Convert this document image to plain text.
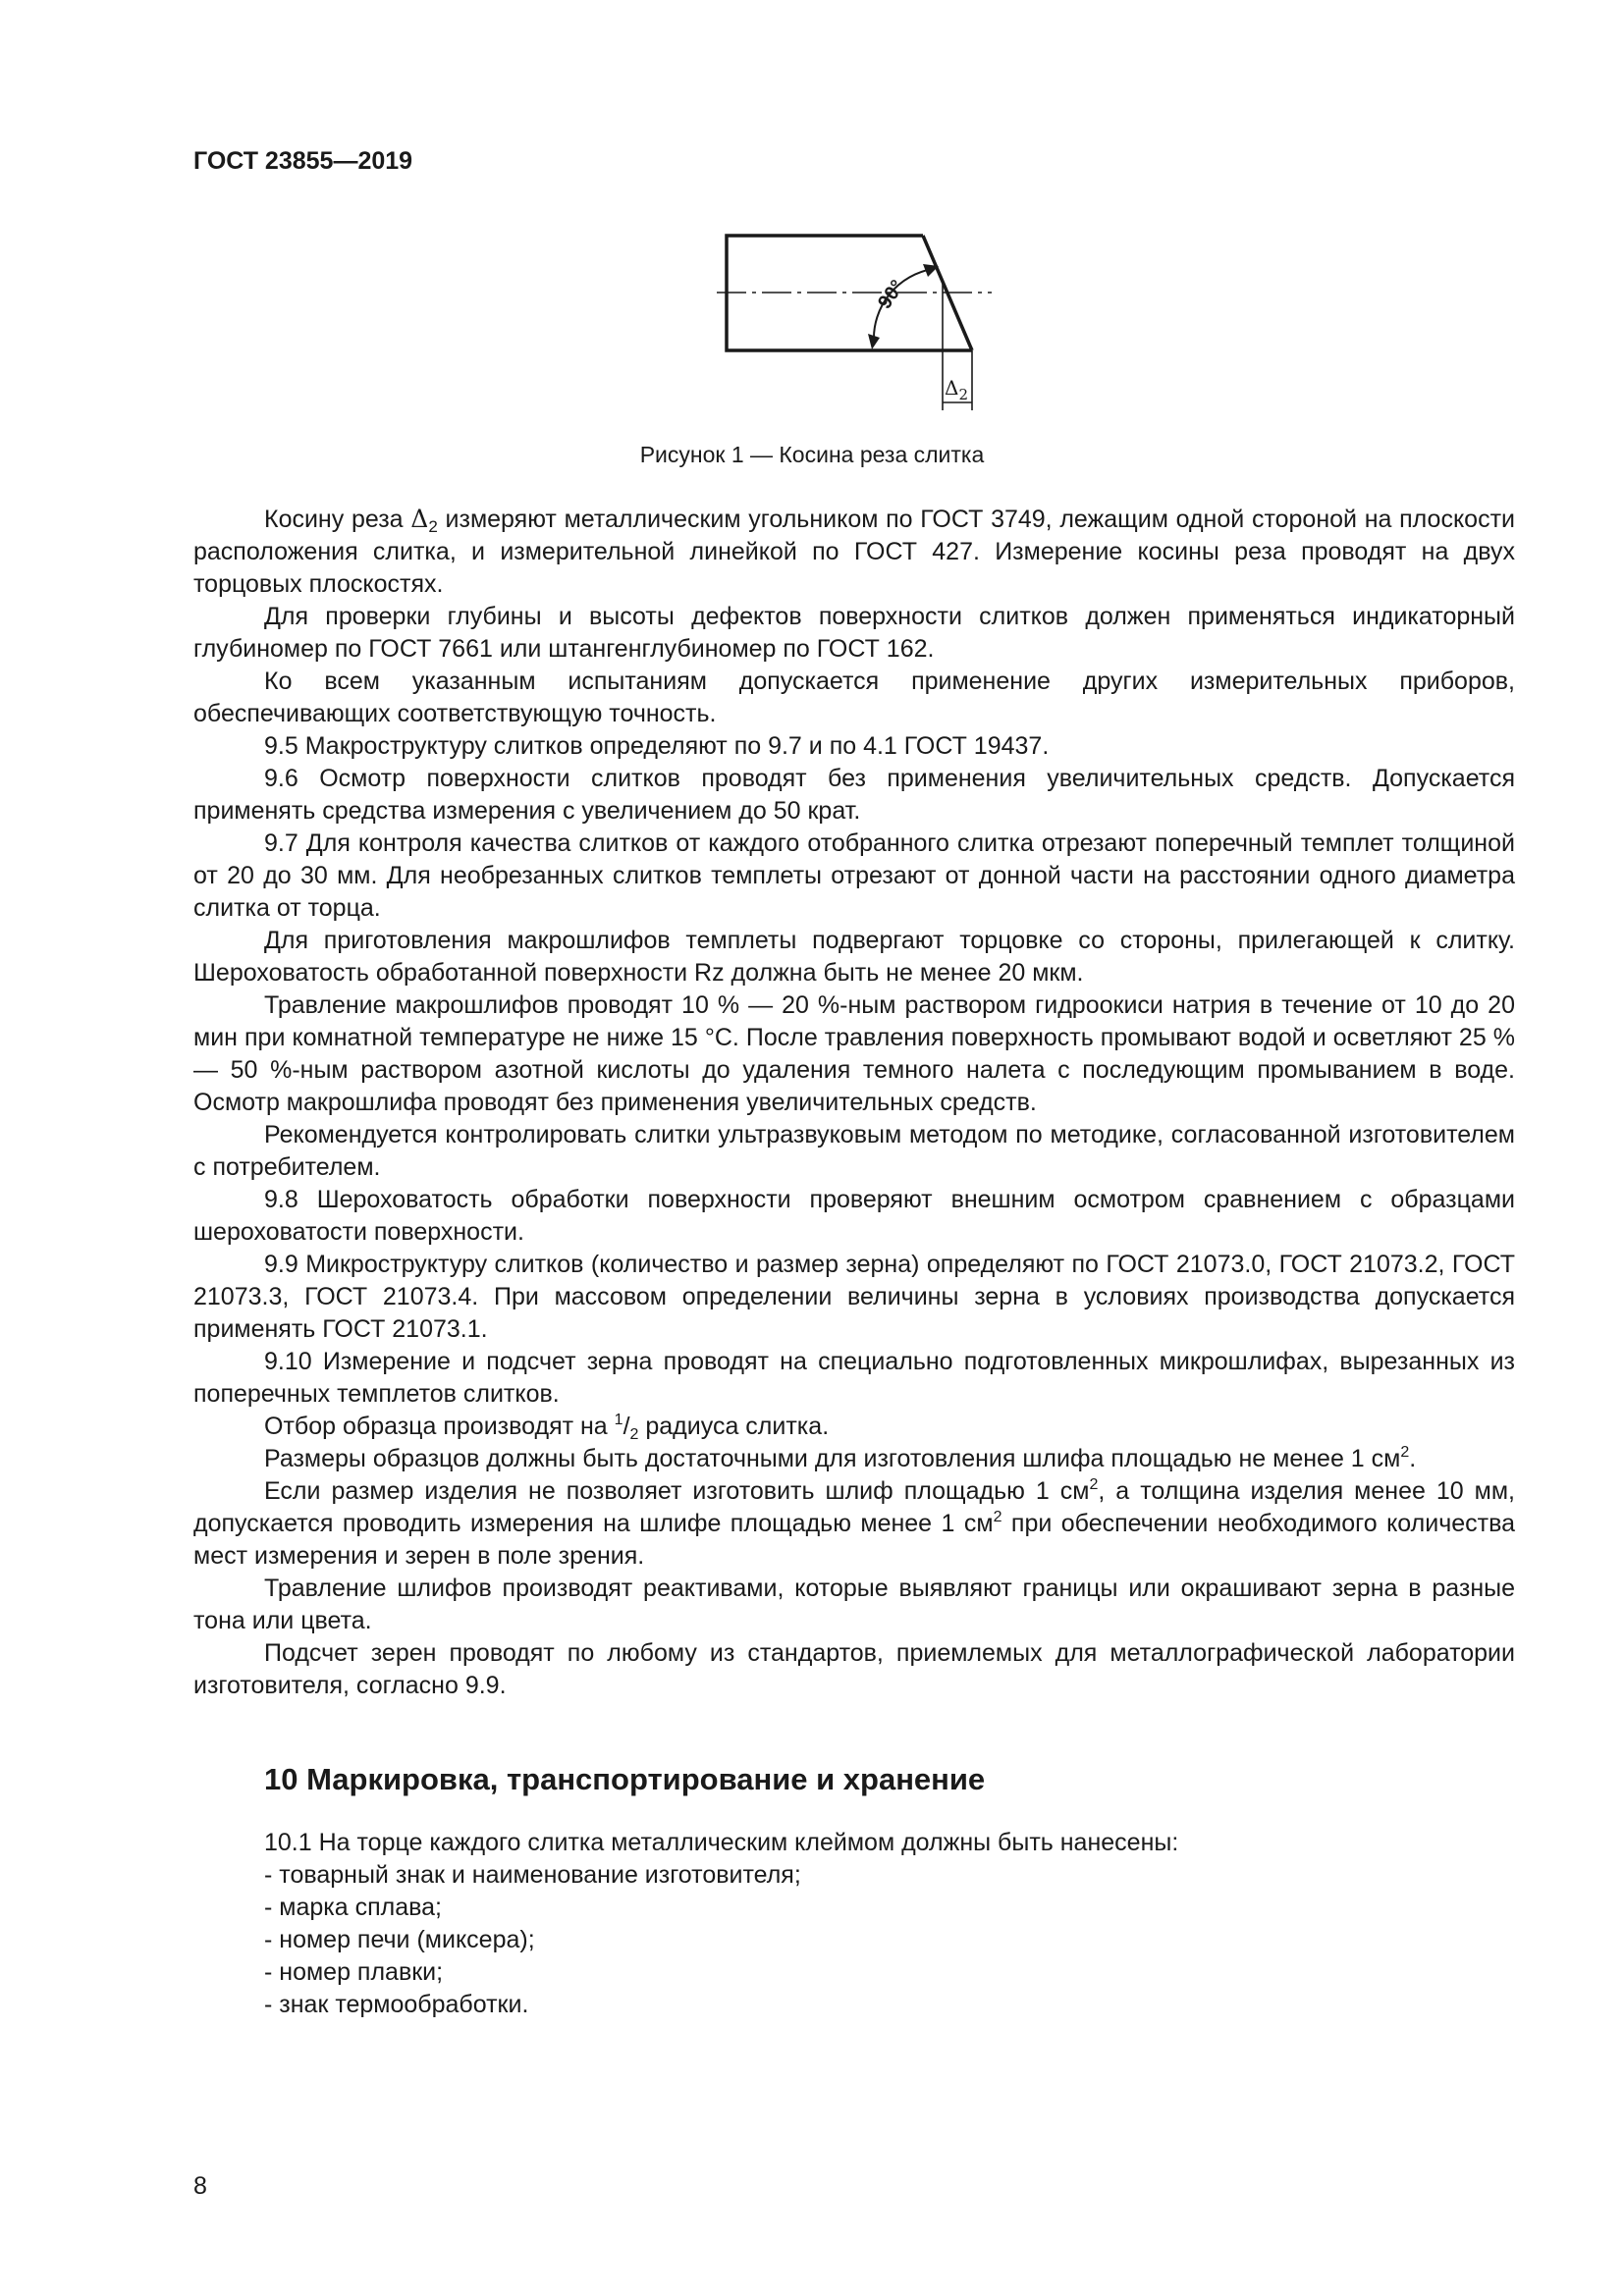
ГОСТ 23855—2019
90°
$\Delta_2$
Рисунок 1 — Косина реза слитка

Косину реза $\Delta_2$ измеряют металлическим угольником по ГОСТ 3749, лежащим одной стороной на плоскости расположения слитка, и измерительной линейкой по ГОСТ 427. Измерение косины реза проводят на двух торцовых плоскостях.

Для проверки глубины и высоты дефектов поверхности слитков должен применяться индикаторный глубиномер по ГОСТ 7661 или штангенглубиномер по ГОСТ 162.

Ко всем указанным испытаниям допускается применение других измерительных приборов, обеспечивающих соответствующую точность.

9.5 Макроструктуру слитков определяют по 9.7 и по 4.1 ГОСТ 19437.

9.6 Осмотр поверхности слитков проводят без применения увеличительных средств. Допускается применять средства измерения с увеличением до 50 крат.

9.7 Для контроля качества слитков от каждого отобранного слитка отрезают поперечный темплет толщиной от 20 до 30 мм. Для необрезанных слитков темплеты отрезают от донной части на расстоянии одного диаметра слитка от торца.

Для приготовления макрошлифов темплеты подвергают торцовке со стороны, прилегающей к слитку. Шероховатость обработанной поверхности Rz должна быть не менее 20 мкм.

Травление макрошлифов проводят 10 % — 20 %-ным раствором гидроокиси натрия в течение от 10 до 20 мин при комнатной температуре не ниже 15 °С. После травления поверхность промывают водой и осветляют 25 % — 50 %-ным раствором азотной кислоты до удаления темного налета с последующим промыванием в воде. Осмотр макрошлифа проводят без применения увеличительных средств.

Рекомендуется контролировать слитки ультразвуковым методом по методике, согласованной изготовителем с потребителем.

9.8 Шероховатость обработки поверхности проверяют внешним осмотром сравнением с образцами шероховатости поверхности.

9.9 Микроструктуру слитков (количество и размер зерна) определяют по ГОСТ 21073.0, ГОСТ 21073.2, ГОСТ 21073.3, ГОСТ 21073.4. При массовом определении величины зерна в условиях производства допускается применять ГОСТ 21073.1.

9.10 Измерение и подсчет зерна проводят на специально подготовленных микрошлифах, вырезанных из поперечных темплетов слитков.

Отбор образца производят на $^1/_2$ радиуса слитка.

Размеры образцов должны быть достаточными для изготовления шлифа площадью не менее 1 $см^2$.

Если размер изделия не позволяет изготовить шлиф площадью 1 $см^2$, а толщина изделия менее 10 мм, допускается проводить измерения на шлифе площадью менее 1 $см^2$ при обеспечении необходимого количества мест измерения и зерен в поле зрения.

Травление шлифов производят реактивами, которые выявляют границы или окрашивают зерна в разные тона или цвета.

Подсчет зерен проводят по любому из стандартов, приемлемых для металлографической лаборатории изготовителя, согласно 9.9.

10 Маркировка, транспортирование и хранение

10.1 На торце каждого слитка металлическим клеймом должны быть нанесены:

- товарный знак и наименование изготовителя;

- марка сплава;

- номер печи (миксера);

- номер плавки;

- знак термообработки.

8
